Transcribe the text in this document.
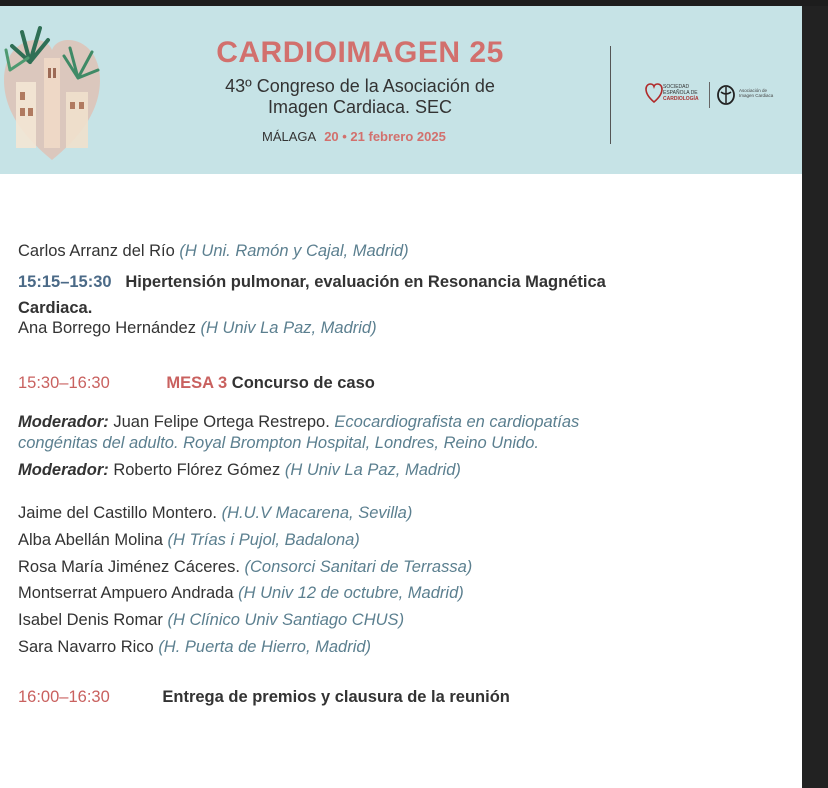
CARDIOIMAGEN 25
43º Congreso de la Asociación de
Imagen Cardiaca. SEC
MÁLAGA 20 • 21 febrero 2025
SOCIEDAD
ESPAÑOLA DE
CARDIOLOGÍA
Asociación de
Imagen Cardiaca
Carlos Arranz del Río (H Uni. Ramón y Cajal, Madrid)
15:15–15:30 Hipertensión pulmonar, evaluación en Resonancia Magnética
Cardiaca.
Ana Borrego Hernández (H Univ La Paz, Madrid)
15:30–16:30	MESA 3 Concurso de caso
Moderador: Juan Felipe Ortega Restrepo. Ecocardiografista en cardiopatías
congénitas del adulto. Royal Brompton Hospital, Londres, Reino Unido.
Moderador: Roberto Flórez Gómez (H Univ La Paz, Madrid)
Jaime del Castillo Montero. (H.U.V Macarena, Sevilla)
Alba Abellán Molina (H Trías i Pujol, Badalona)
Rosa María Jiménez Cáceres. (Consorci Sanitari de Terrassa)
Montserrat Ampuero Andrada (H Univ 12 de octubre, Madrid)
Isabel Denis Romar (H Clínico Univ Santiago CHUS)
Sara Navarro Rico (H. Puerta de Hierro, Madrid)
16:00–16:30	Entrega de premios y clausura de la reunión
